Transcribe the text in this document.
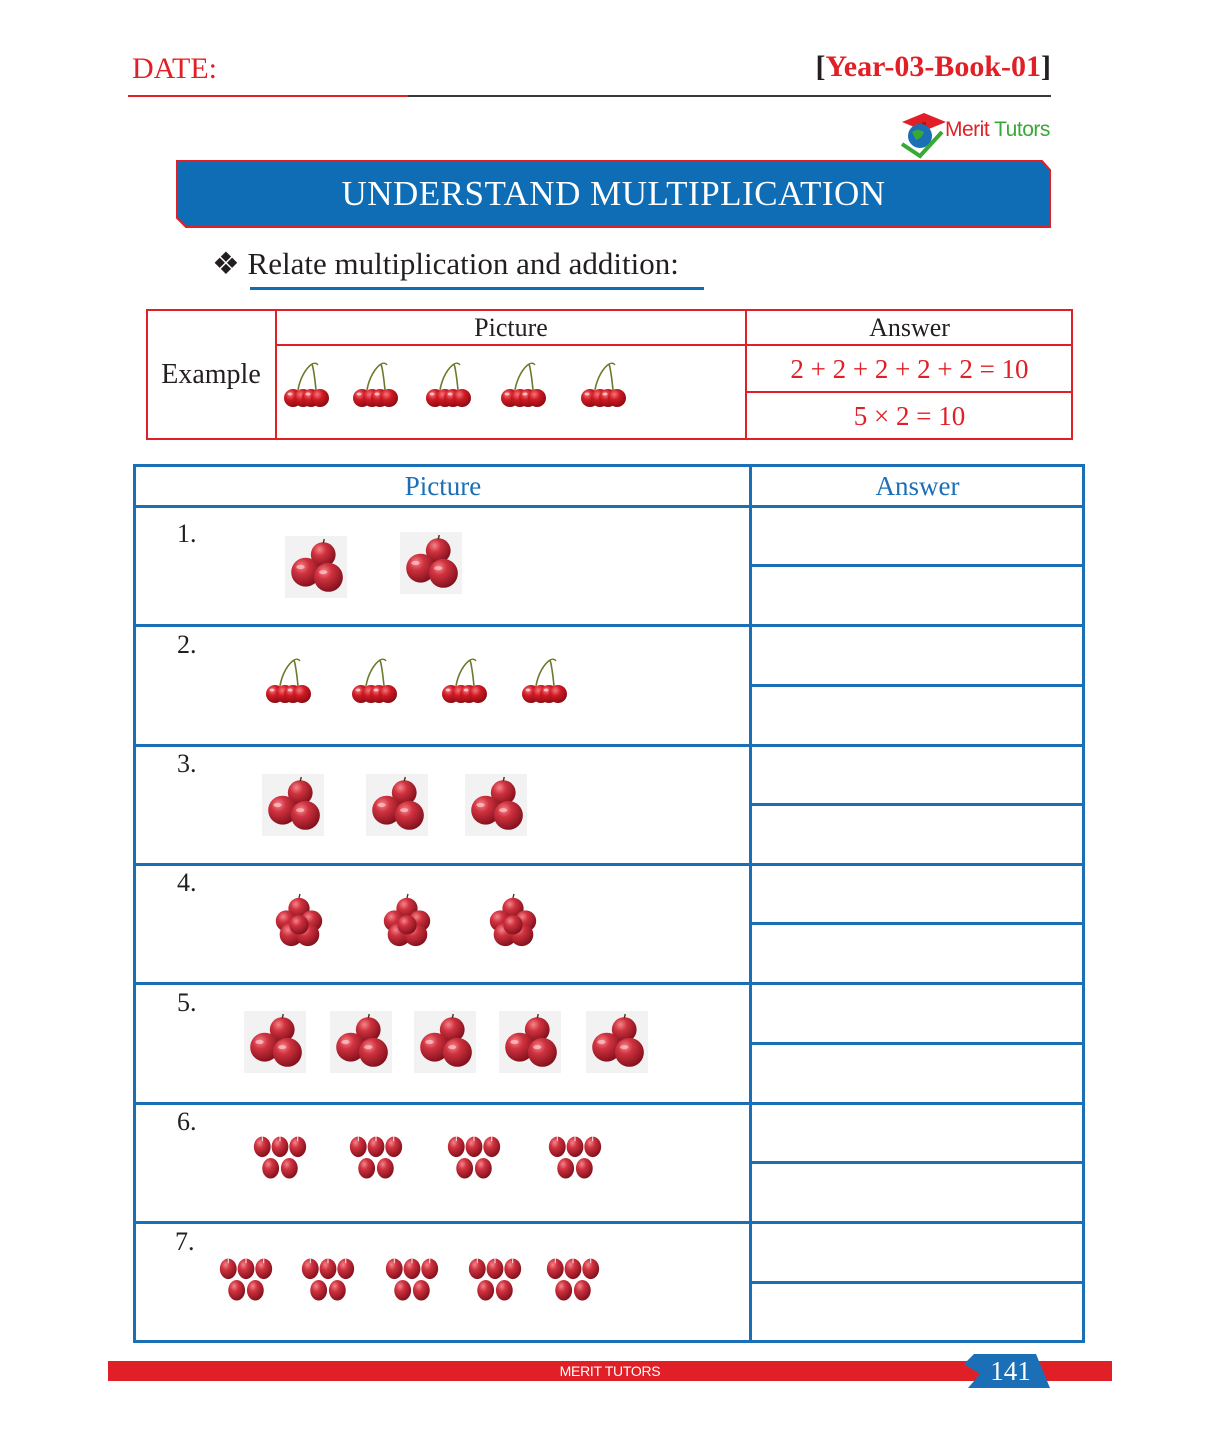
DATE:	[Year-03-Book-01]
Merit Tutors
UNDERSTAND MULTIPLICATION
❖ Relate multiplication and addition:
Example
Picture	Answer
2 + 2 + 2 + 2 + 2 = 10
5 × 2 = 10
Picture	Answer
1.
2.
3.
4.
5.
6.
7.
MERIT TUTORS	141
